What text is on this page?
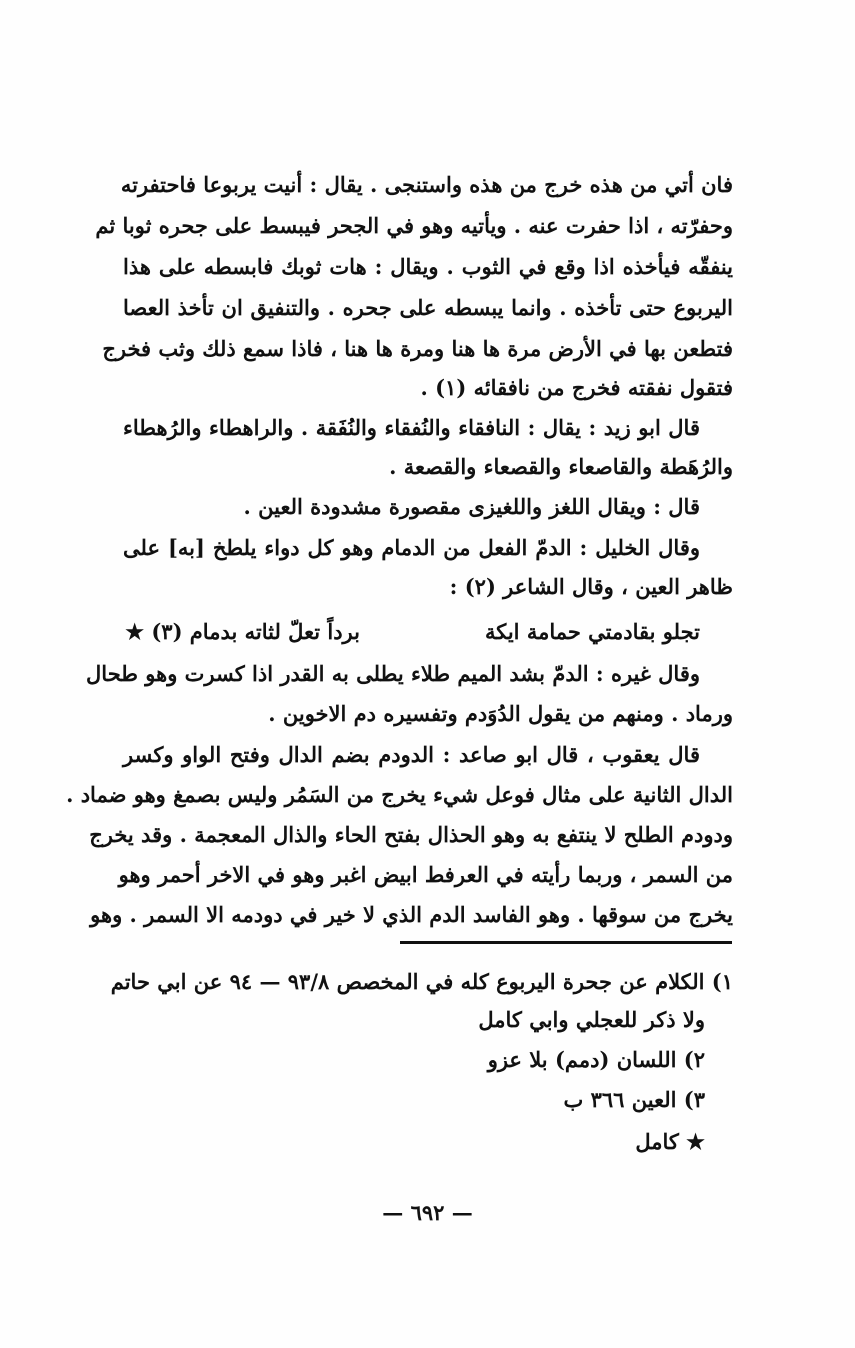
فان أتي من هذه خرج من هذه واستنجى . يقال : أنيت يربوعا فاحتفرته
وحفرّته ، اذا حفرت عنه . ويأتيه وهو في الجحر فيبسط على جحره ثوبا ثم
ينفقّه فيأخذه اذا وقع في الثوب . ويقال : هات ثوبك فابسطه على هذا
اليربوع حتى تأخذه . وانما يبسطه على جحره . والتنفيق ان تأخذ العصا
فتطعن بها في الأرض مرة ها هنا ومرة ها هنا ، فاذا سمع ذلك وثب فخرج
فتقول نفقته فخرج من نافقائه (١) .
قال ابو زيد : يقال : النافقاء والنُفقاء والنُفَقة . والراهطاء والرُهطاء
والرُهَطة والقاصعاء والقصعاء والقصعة .
قال : ويقال اللغز واللغيزى مقصورة مشدودة العين .
وقال الخليل : الدمّ الفعل من الدمام وهو كل دواء يلطخ [به] على
ظاهر العين ، وقال الشاعر (٢) :
تجلو بقادمتي حمامة ايكة
برداً تعلّ لثاته بدمام (٣) ★
وقال غيره : الدمّ بشد الميم طلاء يطلى به القدر اذا كسرت وهو طحال
ورماد . ومنهم من يقول الدُوَدم وتفسيره دم الاخوين .
قال يعقوب ، قال ابو صاعد : الدودم بضم الدال وفتح الواو وكسر
الدال الثانية على مثال فوعل شيء يخرج من السَمُر وليس بصمغ وهو ضماد .
ودودم الطلح لا ينتفع به وهو الحذال بفتح الحاء والذال المعجمة . وقد يخرج
من السمر ، وربما رأيته في العرفط ابيض اغبر وهو في الاخر أحمر وهو
يخرج من سوقها . وهو الفاسد الدم الذي لا خير في دودمه الا السمر . وهو
١) الكلام عن جحرة اليربوع كله في المخصص ٩٣/٨ — ٩٤ عن ابي حاتم
ولا ذكر للعجلي وابي كامل
٢) اللسان (دمم) بلا عزو
٣) العين ٣٦٦ ب
★ كامل
— ٦٩٢ —
